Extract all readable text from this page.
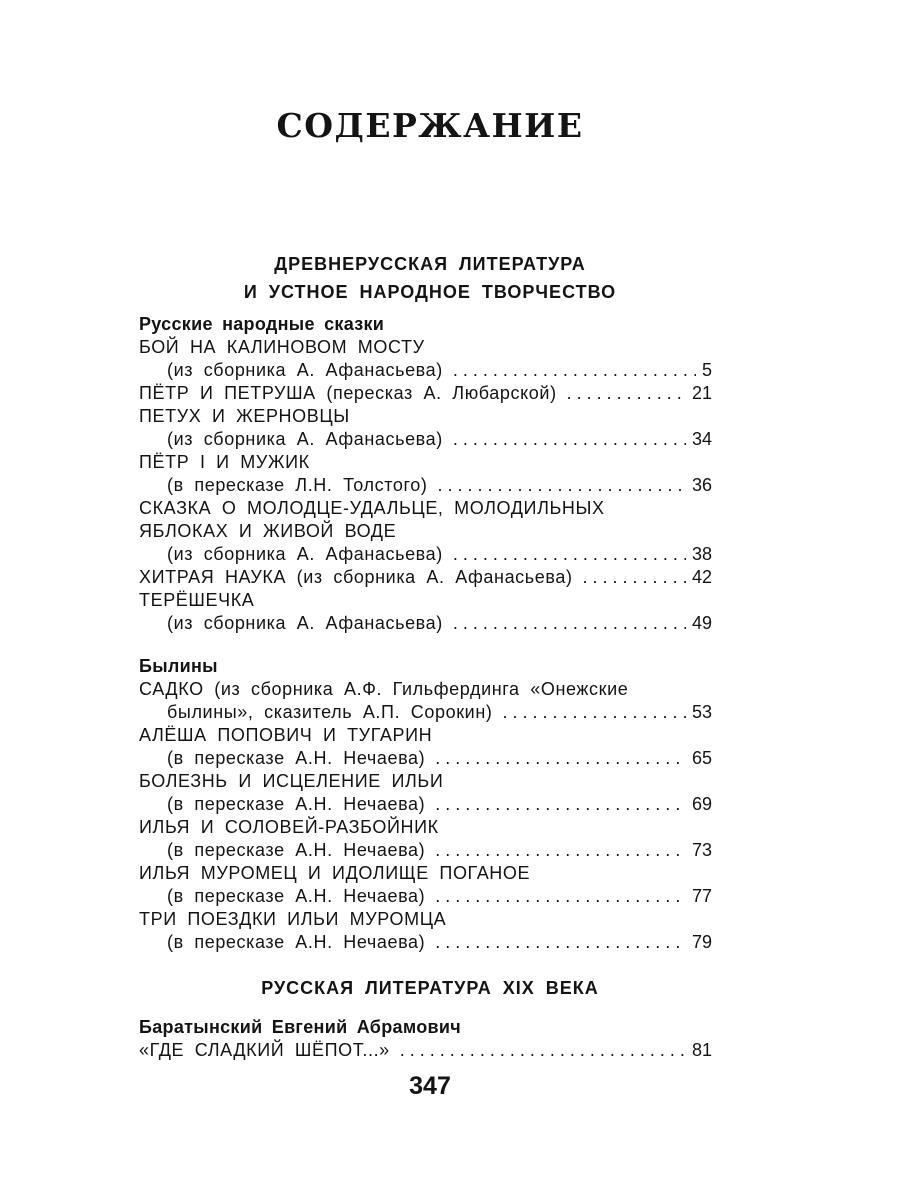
СОДЕРЖАНИЕ
ДРЕВНЕРУССКАЯ ЛИТЕРАТУРА
И УСТНОЕ НАРОДНОЕ ТВОРЧЕСТВО
Русские народные сказки
БОЙ НА КАЛИНОВОМ МОСТУ
(из сборника А. Афанасьева) . . .	5
ПЁТР И ПЕТРУША (пересказ А. Любарской) . . .	21
ПЕТУХ И ЖЕРНОВЦЫ
(из сборника А. Афанасьева) . . .	34
ПЁТР I И МУЖИК
(в пересказе Л.Н. Толстого) . . .	36
СКАЗКА О МОЛОДЦЕ-УДАЛЬЦЕ, МОЛОДИЛЬНЫХ
ЯБЛОКАХ И ЖИВОЙ ВОДЕ
(из сборника А. Афанасьева) . . .	38
ХИТРАЯ НАУКА (из сборника А. Афанасьева) . . .	42
ТЕРЁШЕЧКА
(из сборника А. Афанасьева) . . .	49
Былины
САДКО (из сборника А.Ф. Гильфердинга «Онежские
былины», сказитель А.П. Сорокин) . . .	53
АЛЁША ПОПОВИЧ И ТУГАРИН
(в пересказе А.Н. Нечаева) . . .	65
БОЛЕЗНЬ И ИСЦЕЛЕНИЕ ИЛЬИ
(в пересказе А.Н. Нечаева) . . .	69
ИЛЬЯ И СОЛОВЕЙ-РАЗБОЙНИК
(в пересказе А.Н. Нечаева) . . .	73
ИЛЬЯ МУРОМЕЦ И ИДОЛИЩЕ ПОГАНОЕ
(в пересказе А.Н. Нечаева) . . .	77
ТРИ ПОЕЗДКИ ИЛЬИ МУРОМЦА
(в пересказе А.Н. Нечаева) . . .	79
РУССКАЯ ЛИТЕРАТУРА XIX ВЕКА
Баратынский Евгений Абрамович
«ГДЕ СЛАДКИЙ ШЁПОТ...» . . .	81
347
